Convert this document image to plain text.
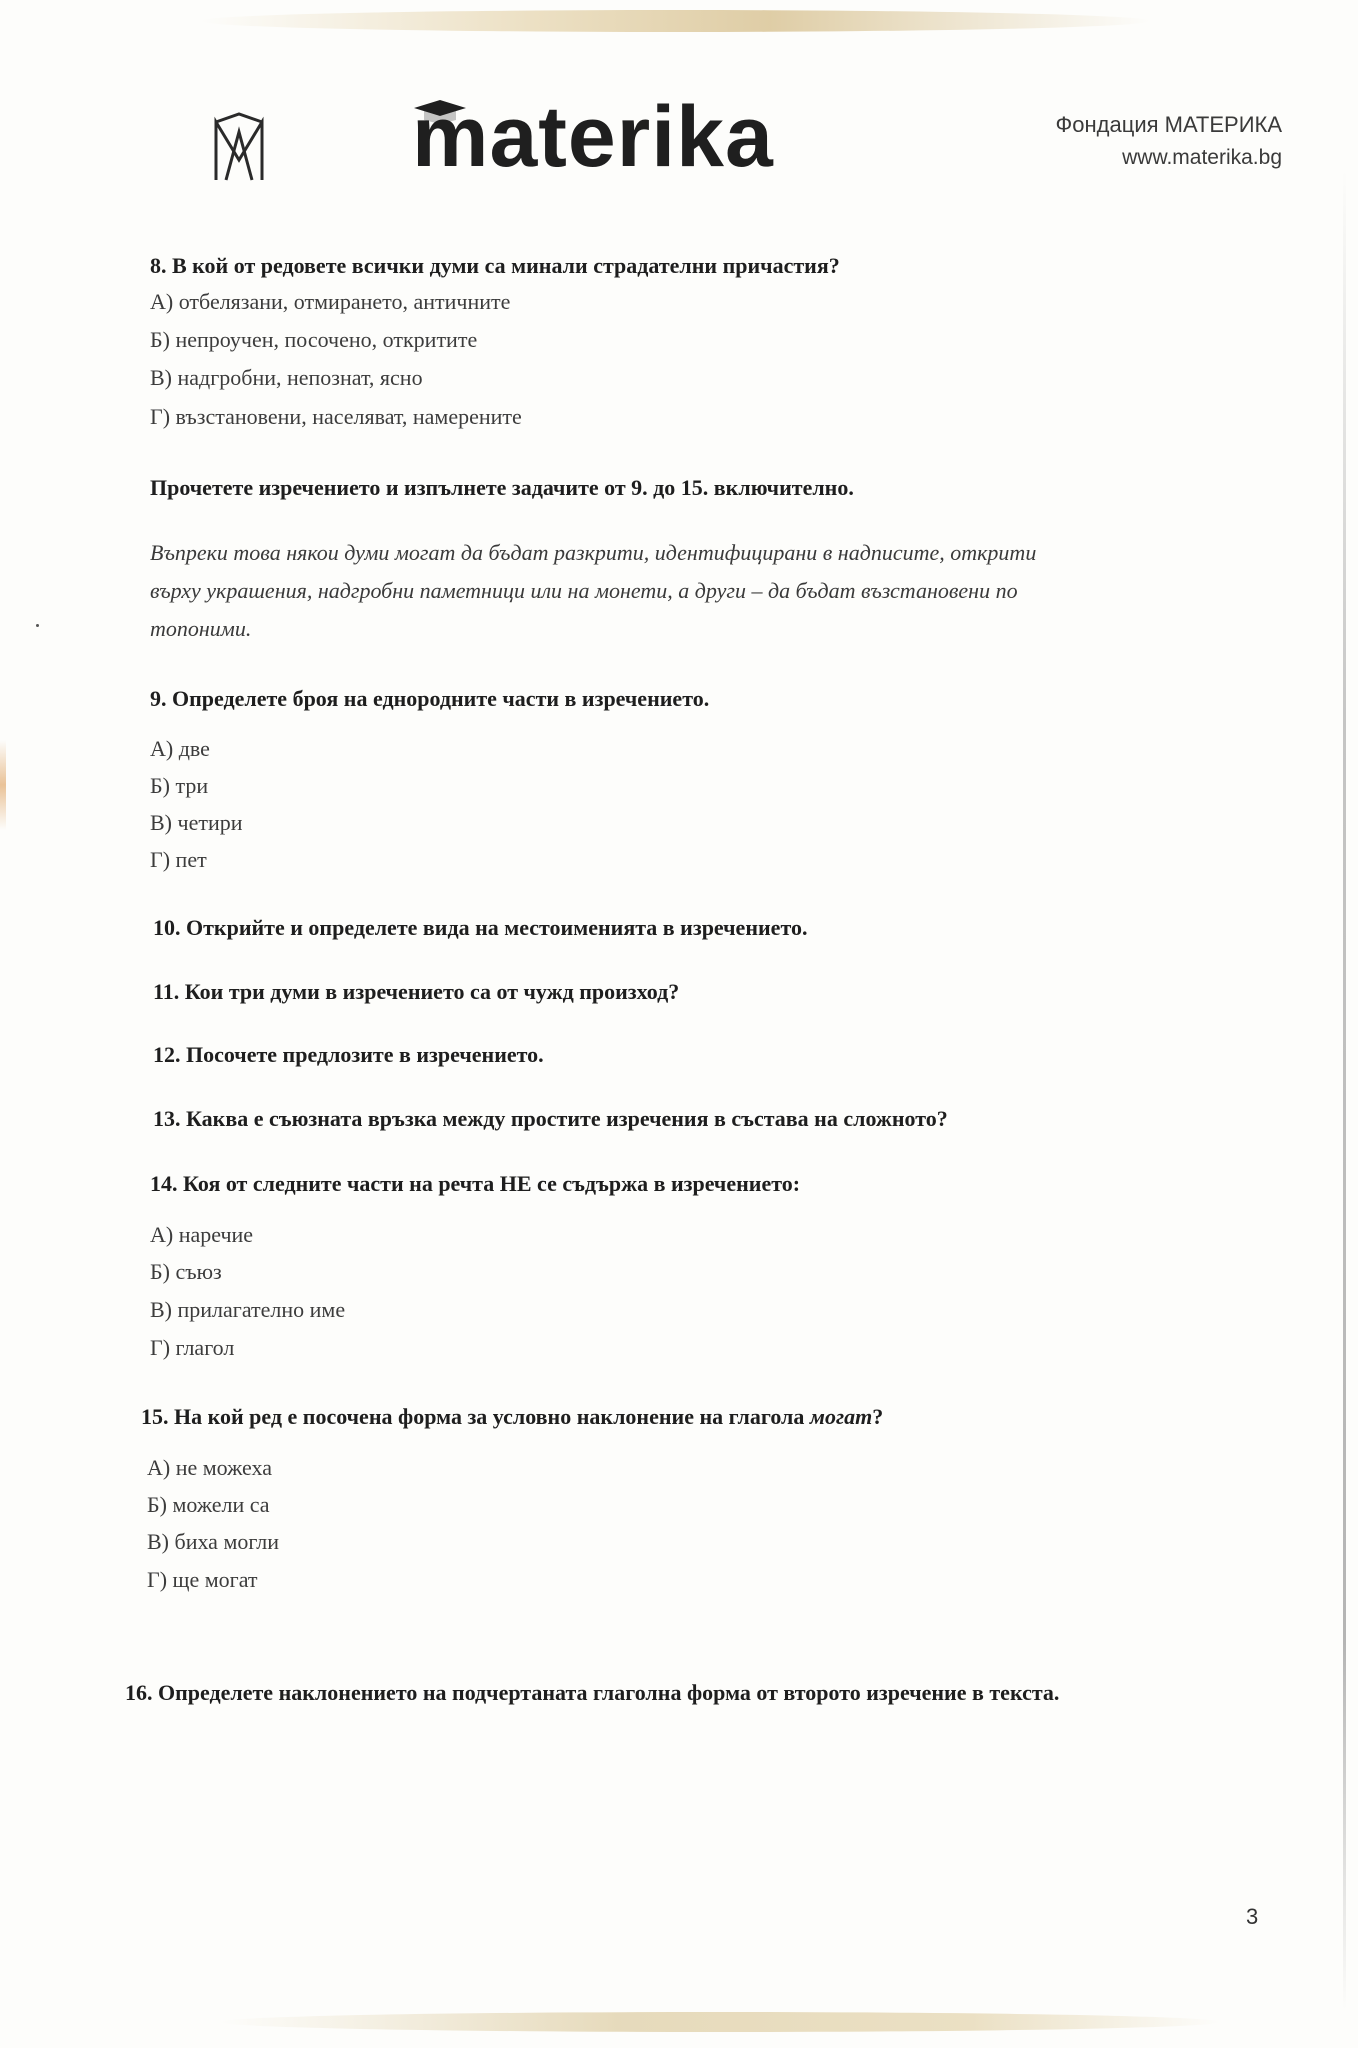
materika	Фондация МАТЕРИКА
www.materika.bg
8. В кой от редовете всички думи са минали страдателни причастия?
А) отбелязани, отмирането, античните
Б) непроучен, посочено, откритите
В) надгробни, непознат, ясно
Г) възстановени, населяват, намерените
Прочетете изречението и изпълнете задачите от 9. до 15. включително.
Въпреки това някои думи могат да бъдат разкрити, идентифицирани в надписите, открити
върху украшения, надгробни паметници или на монети, а други – да бъдат възстановени по
топоними.
9. Определете броя на еднородните части в изречението.
А) две
Б) три
В) четири
Г) пет
10. Открийте и определете вида на местоименията в изречението.
11. Кои три думи в изречението са от чужд произход?
12. Посочете предлозите в изречението.
13. Каква е съюзната връзка между простите изречения в състава на сложното?
14. Коя от следните части на речта НЕ се съдържа в изречението:
А) наречие
Б) съюз
В) прилагателно име
Г) глагол
15. На кой ред е посочена форма за условно наклонение на глагола могат?
А) не можеха
Б) можели са
В) биха могли
Г) ще могат
16. Определете наклонението на подчертаната глаголна форма от второто изречение в текста.
3
